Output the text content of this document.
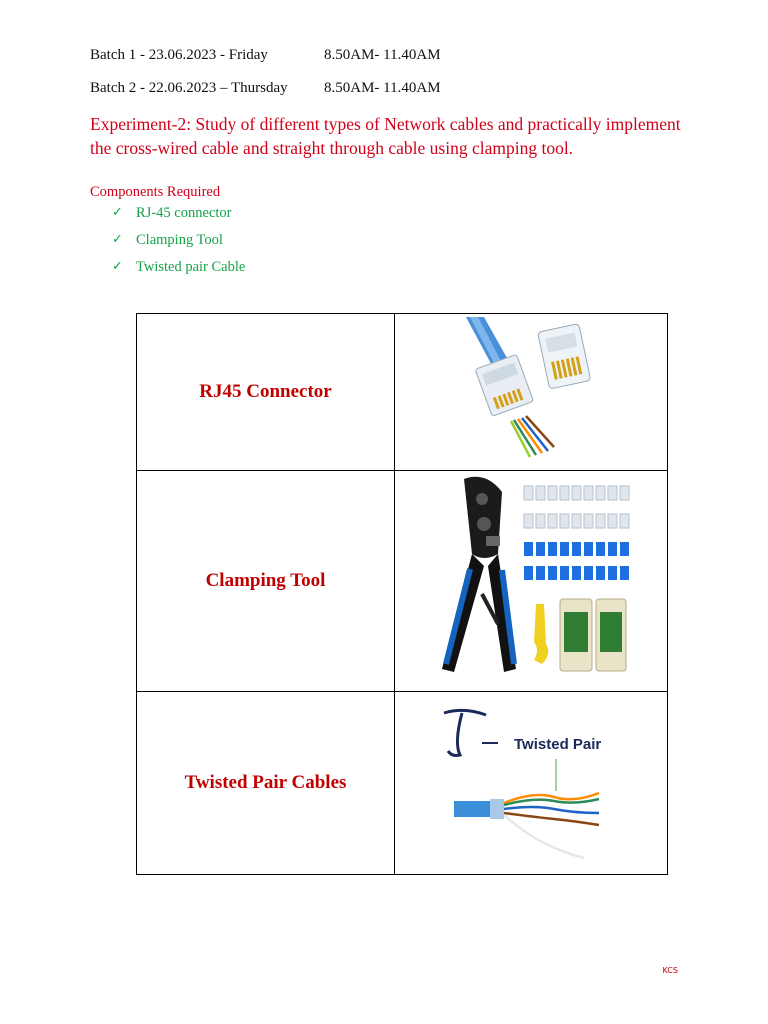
Batch 1 - 23.06.2023 - Friday	8.50AM- 11.40AM
Batch 2 - 22.06.2023 – Thursday 8.50AM- 11.40AM
Experiment-2: Study of different types of Network cables and practically implement the cross-wired cable and straight through cable using clamping tool.
Components Required
✓ RJ-45 connector
✓ Clamping Tool
✓ Twisted pair Cable
RJ45 Connector	
Clamping Tool	
Twisted Pair Cables	Twisted Pair
KCS
